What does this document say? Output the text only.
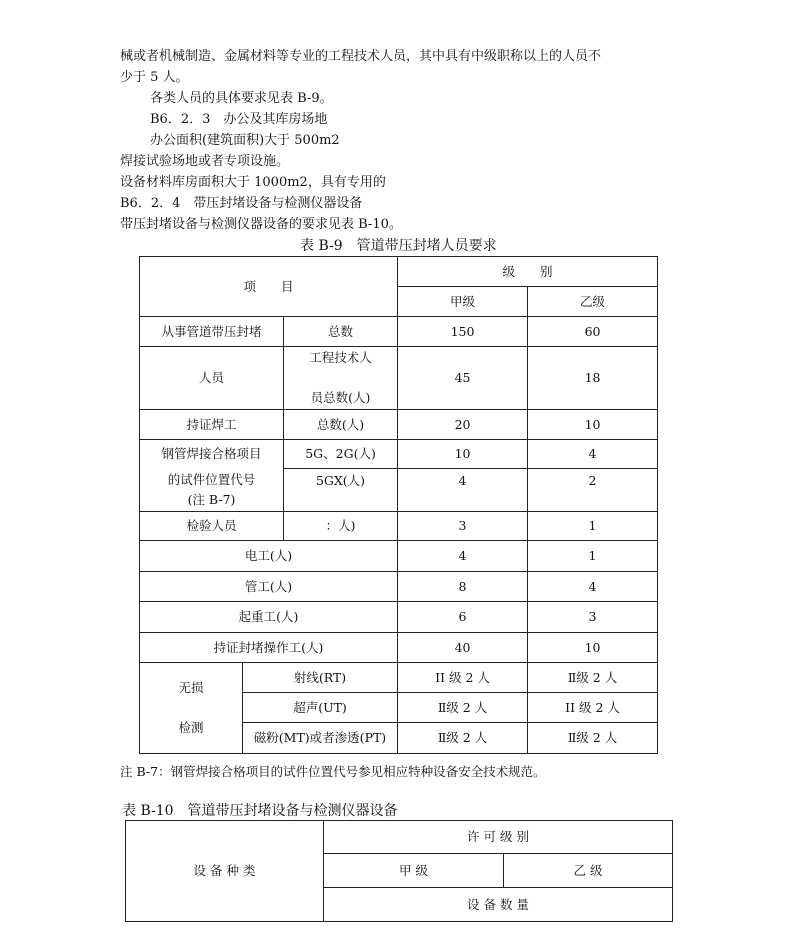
械或者机械制造、金属材料等专业的工程技术人员，其中具有中级职称以上的人员不
少于 5 人。
各类人员的具体要求见表 B-9。
B6．2．3　办公及其库房场地
办公面积(建筑面积)大于 500m2
焊接试验场地或者专项设施。
设备材料库房面积大于 1000m2，具有专用的
B6．2．4　带压封堵设备与检测仪器设备
带压封堵设备与检测仪器设备的要求见表 B-10。
表 B-9　管道带压封堵人员要求
项　　目			级　　别	
			甲级	乙级
从事管道带压封堵		总数	150	60
人员		工程技术人

员总数(人)	45	18
持证焊工		总数(人)	20	10
钢管焊接合格项目		5G、2G(人)	10	4
的试件位置代号
(注 B-7)		5GX(人)	4	2
检验人员		：人)	3	1
电工(人)			4	1
管工(人)			8	4
起重工(人)			6	3
持证封堵操作工(人)			40	10
无损

检测	射线(RT)		II 级 2 人	Ⅱ级 2 人
	超声(UT)		Ⅱ级 2 人	II 级 2 人
	磁粉(MT)或者渗透(PT)		Ⅱ级 2 人	Ⅱ级 2 人
注 B-7：钢管焊接合格项目的试件位置代号参见相应特种设备安全技术规范。
表 B-10　管道带压封堵设备与检测仪器设备
设 备 种 类	许 可 级 别	
	甲 级	乙 级
	设 备 数 量	
